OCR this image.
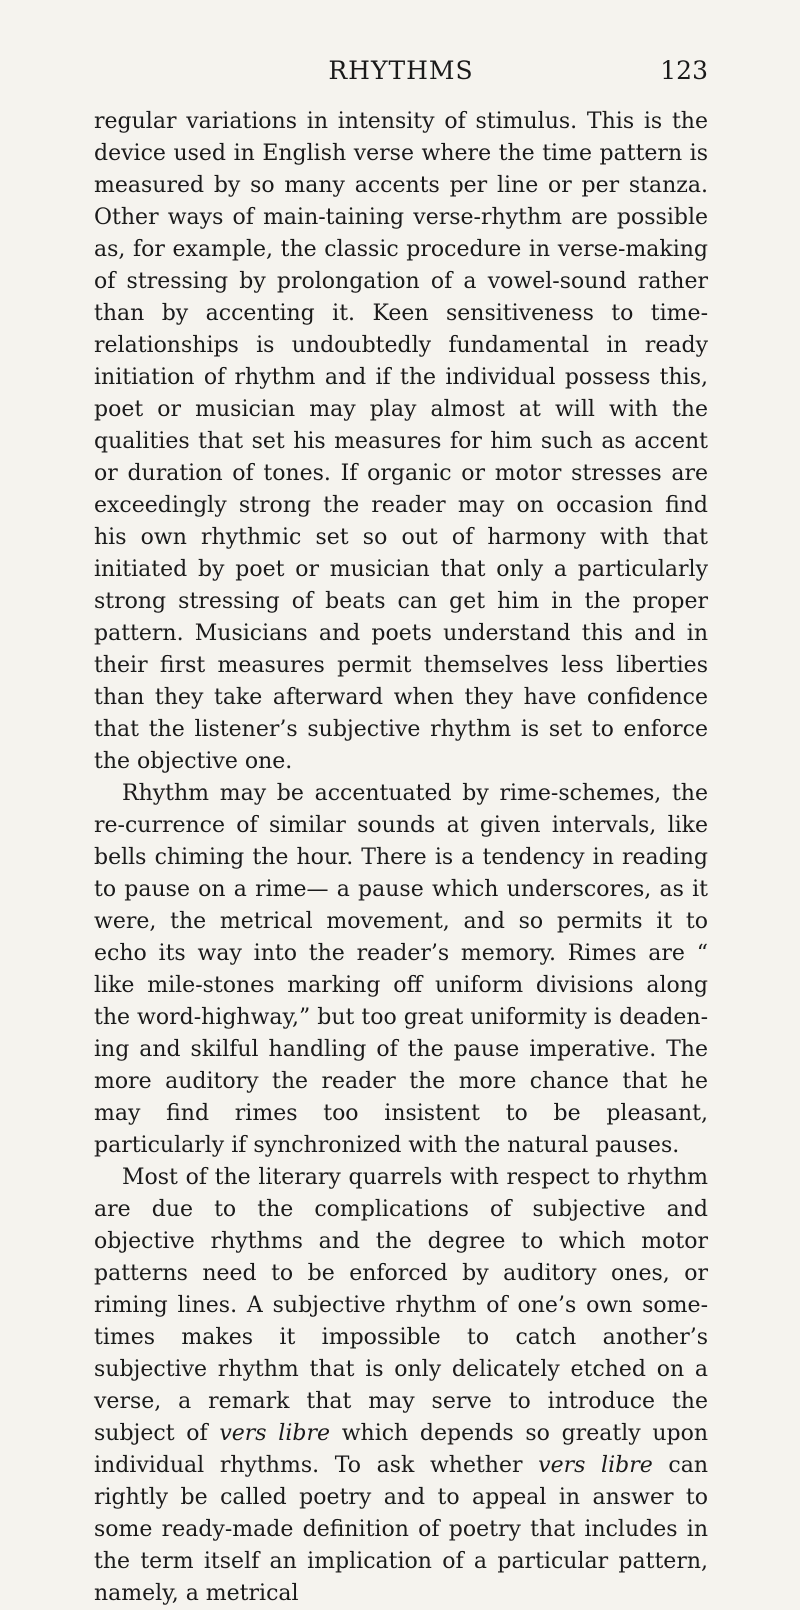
RHYTHMS	123

regular variations in intensity of stimulus. This is the device used in English verse where the time pattern is measured by so many accents per line or per stanza. Other ways of main-taining verse-rhythm are possible as, for example, the classic procedure in verse-making of stressing by prolongation of a vowel-sound rather than by accenting it. Keen sensitiveness to time-relationships is undoubtedly fundamental in ready initiation of rhythm and if the individual possess this, poet or musician may play almost at will with the qualities that set his measures for him such as accent or duration of tones. If organic or motor stresses are exceedingly strong the reader may on occasion find his own rhythmic set so out of harmony with that initiated by poet or musician that only a particularly strong stressing of beats can get him in the proper pattern. Musicians and poets understand this and in their first measures permit themselves less liberties than they take afterward when they have confidence that the listener’s subjective rhythm is set to enforce the objective one.

Rhythm may be accentuated by rime-schemes, the re-currence of similar sounds at given intervals, like bells chiming the hour. There is a tendency in reading to pause on a rime— a pause which underscores, as it were, the metrical movement, and so permits it to echo its way into the reader’s memory. Rimes are “ like mile-stones marking off uniform divisions along the word-highway,” but too great uniformity is deaden-ing and skilful handling of the pause imperative. The more auditory the reader the more chance that he may find rimes too insistent to be pleasant, particularly if synchronized with the natural pauses.

Most of the literary quarrels with respect to rhythm are due to the complications of subjective and objective rhythms and the degree to which motor patterns need to be enforced by auditory ones, or riming lines. A subjective rhythm of one’s own some-times makes it impossible to catch another’s subjective rhythm that is only delicately etched on a verse, a remark that may serve to introduce the subject of vers libre which depends so greatly upon individual rhythms. To ask whether vers libre can rightly be called poetry and to appeal in answer to some ready-made definition of poetry that includes in the term itself an implication of a particular pattern, namely, a metrical
